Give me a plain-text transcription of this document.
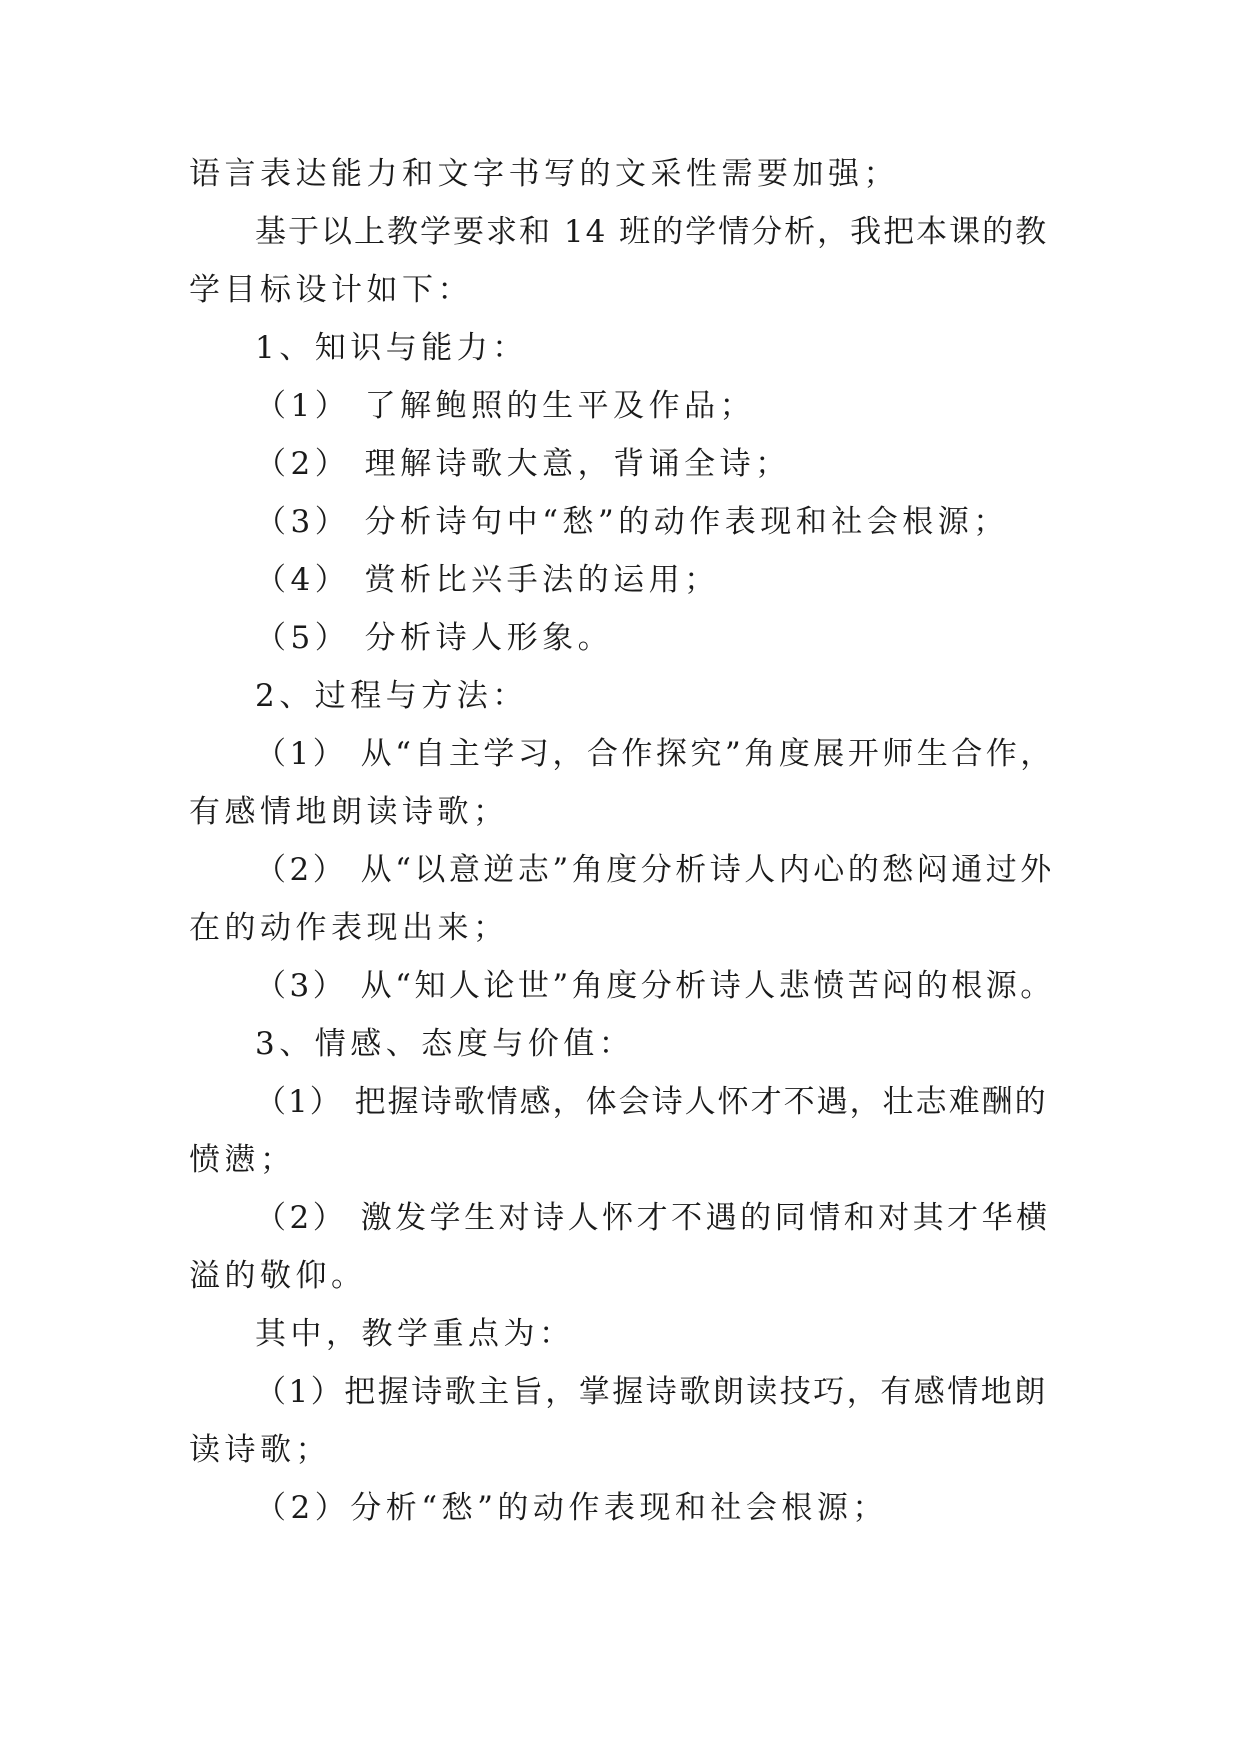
语言表达能力和文字书写的文采性需要加强；
基于以上教学要求和 14 班的学情分析，我把本课的教
学目标设计如下：
1、知识与能力：
（1） 了解鲍照的生平及作品；
（2） 理解诗歌大意，背诵全诗；
（3） 分析诗句中“愁”的动作表现和社会根源；
（4） 赏析比兴手法的运用；
（5） 分析诗人形象。
2、过程与方法：
（1） 从“自主学习，合作探究”角度展开师生合作，
有感情地朗读诗歌；
（2） 从“以意逆志”角度分析诗人内心的愁闷通过外
在的动作表现出来；
（3） 从“知人论世”角度分析诗人悲愤苦闷的根源。
3、情感、态度与价值：
（1） 把握诗歌情感，体会诗人怀才不遇，壮志难酬的
愤懑；
（2） 激发学生对诗人怀才不遇的同情和对其才华横
溢的敬仰。
其中，教学重点为：
（1）把握诗歌主旨，掌握诗歌朗读技巧，有感情地朗
读诗歌；
（2）分析“愁”的动作表现和社会根源；
